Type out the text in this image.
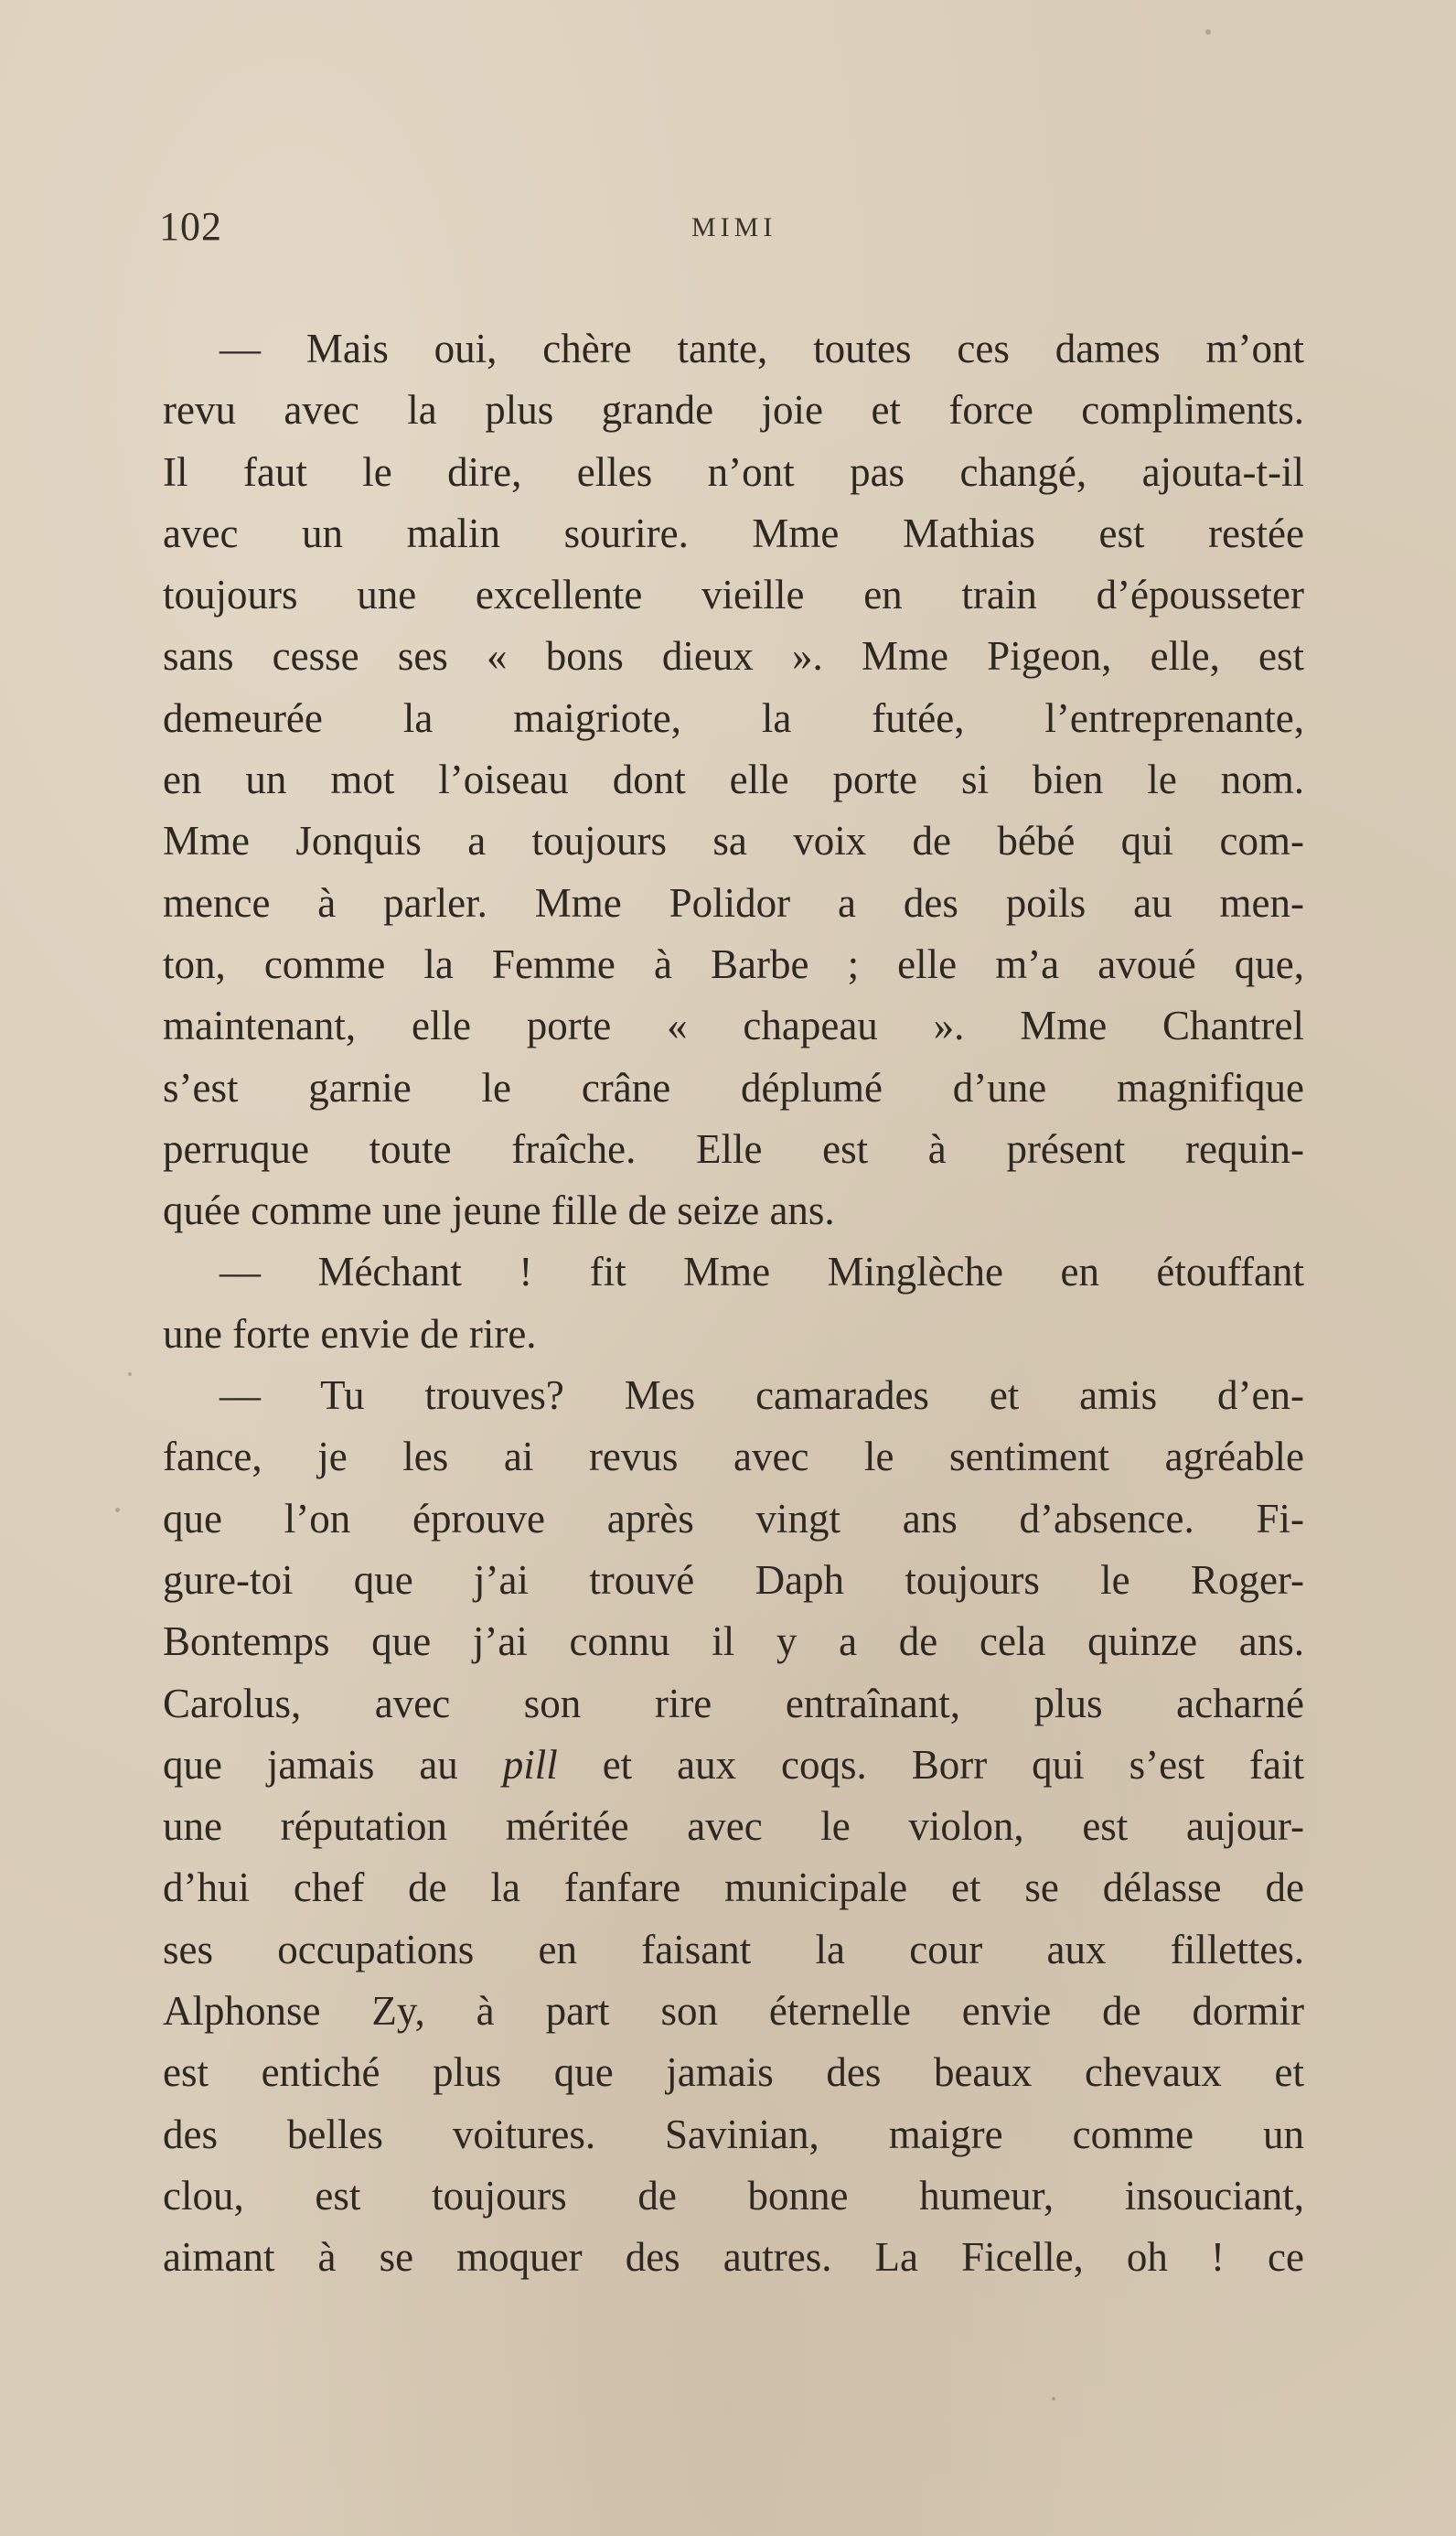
102	MIMI
— Mais oui, chère tante, toutes ces dames m’ont
revu avec la plus grande joie et force compliments.
Il faut le dire, elles n’ont pas changé, ajouta-t-il
avec un malin sourire. Mme Mathias est restée
toujours une excellente vieille en train d’épousseter
sans cesse ses « bons dieux ». Mme Pigeon, elle, est
demeurée la maigriote, la futée, l’entreprenante,
en un mot l’oiseau dont elle porte si bien le nom.
Mme Jonquis a toujours sa voix de bébé qui com-
mence à parler. Mme Polidor a des poils au men-
ton, comme la Femme à Barbe ; elle m’a avoué que,
maintenant, elle porte « chapeau ». Mme Chantrel
s’est garnie le crâne déplumé d’une magnifique
perruque toute fraîche. Elle est à présent requin-
quée comme une jeune fille de seize ans.
— Méchant ! fit Mme Minglèche en étouffant
une forte envie de rire.
— Tu trouves? Mes camarades et amis d’en-
fance, je les ai revus avec le sentiment agréable
que l’on éprouve après vingt ans d’absence. Fi-
gure-toi que j’ai trouvé Daph toujours le Roger-
Bontemps que j’ai connu il y a de cela quinze ans.
Carolus, avec son rire entraînant, plus acharné
que jamais au pill et aux coqs. Borr qui s’est fait
une réputation méritée avec le violon, est aujour-
d’hui chef de la fanfare municipale et se délasse de
ses occupations en faisant la cour aux fillettes.
Alphonse Zy, à part son éternelle envie de dormir
est entiché plus que jamais des beaux chevaux et
des belles voitures. Savinian, maigre comme un
clou, est toujours de bonne humeur, insouciant,
aimant à se moquer des autres. La Ficelle, oh ! ce
